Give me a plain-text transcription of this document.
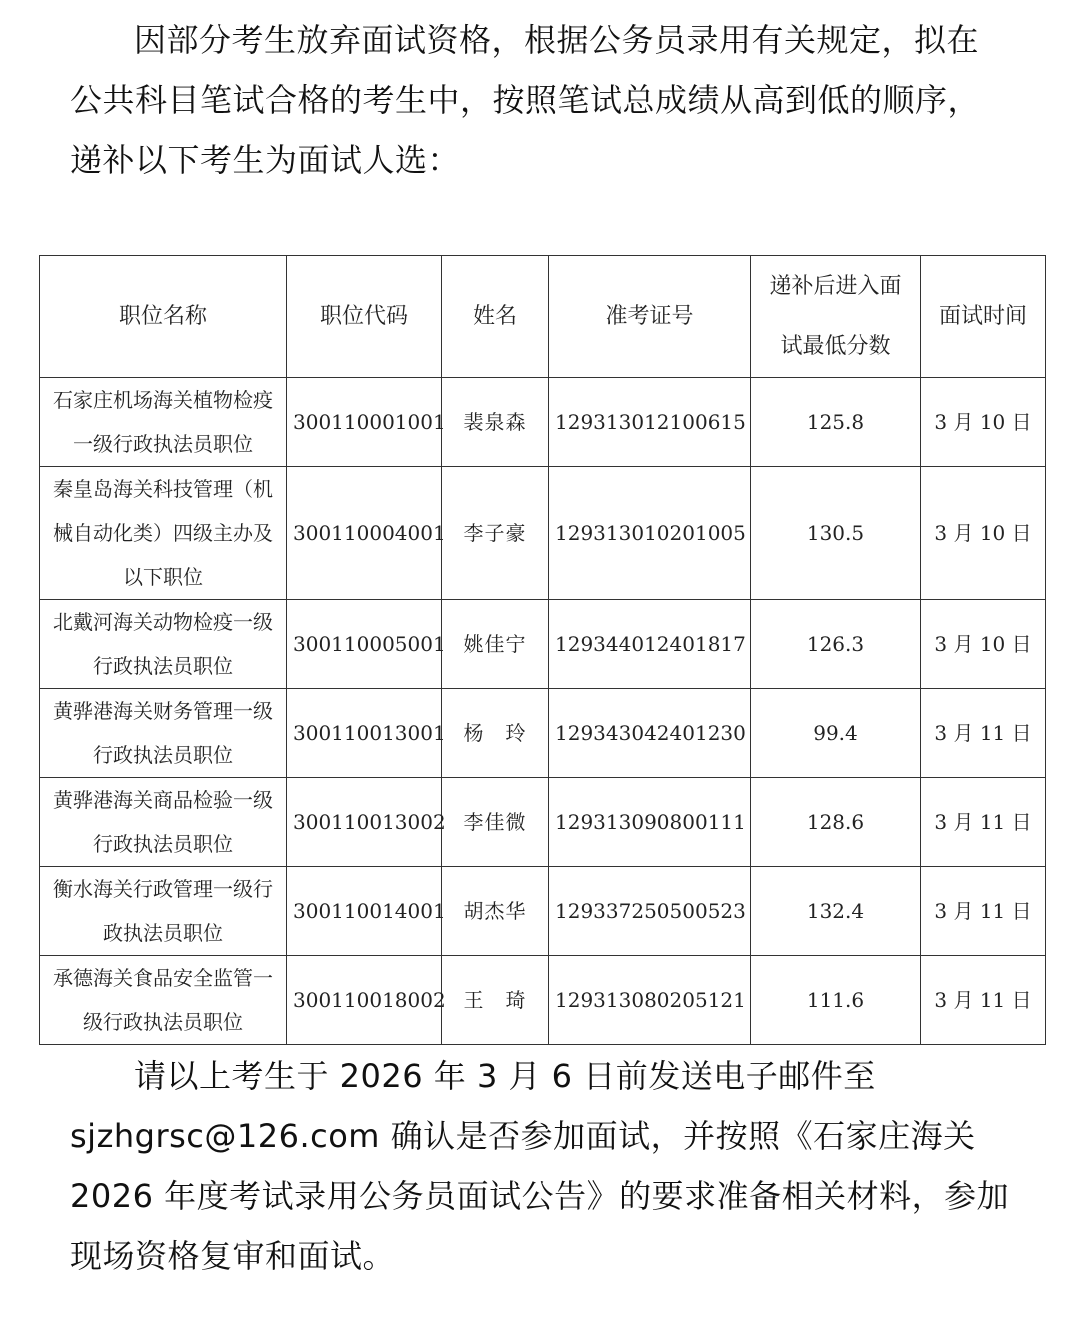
因部分考生放弃面试资格，根据公务员录用有关规定，拟在公共科目笔试合格的考生中，按照笔试总成绩从高到低的顺序，递补以下考生为面试人选：

职位名称	职位代码	姓名	准考证号	递补后进入面试最低分数	面试时间
石家庄机场海关植物检疫一级行政执法员职位	300110001001	裴泉森	129313012100615	125.8	3 月 10 日
秦皇岛海关科技管理（机械自动化类）四级主办及以下职位	300110004001	李子豪	129313010201005	130.5	3 月 10 日
北戴河海关动物检疫一级行政执法员职位	300110005001	姚佳宁	129344012401817	126.3	3 月 10 日
黄骅港海关财务管理一级行政执法员职位	300110013001	杨　玲	129343042401230	99.4	3 月 11 日
黄骅港海关商品检验一级行政执法员职位	300110013002	李佳微	129313090800111	128.6	3 月 11 日
衡水海关行政管理一级行政执法员职位	300110014001	胡杰华	129337250500523	132.4	3 月 11 日
承德海关食品安全监管一级行政执法员职位	300110018002	王　琦	129313080205121	111.6	3 月 11 日

请以上考生于 2026 年 3 月 6 日前发送电子邮件至 sjzhgrsc@126.com 确认是否参加面试，并按照《石家庄海关 2026 年度考试录用公务员面试公告》的要求准备相关材料，参加现场资格复审和面试。
